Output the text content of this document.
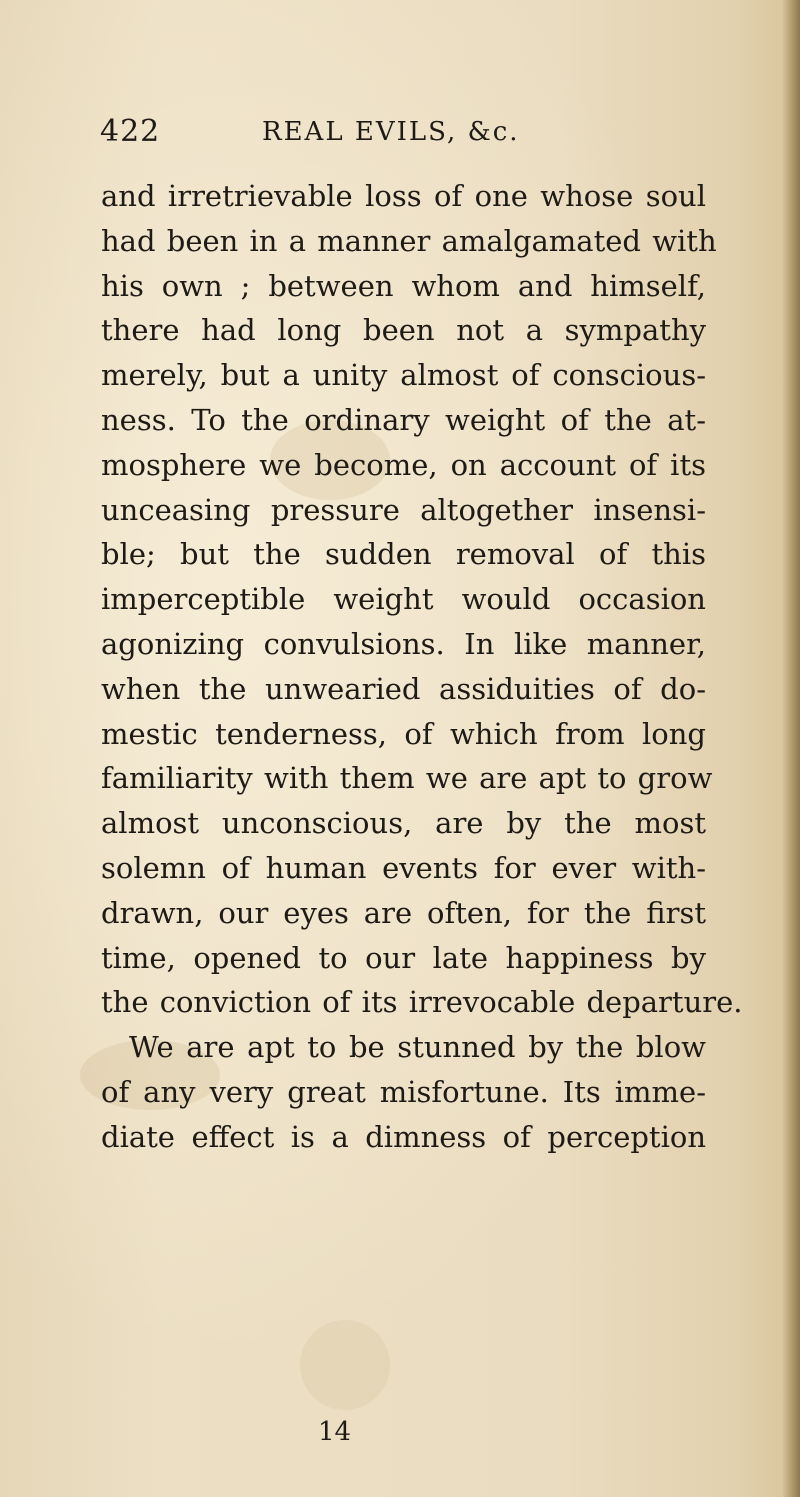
422	REAL EVILS, &c.
and irretrievable loss of one whose soul
had been in a manner amalgamated with
his own ; between whom and himself,
there had long been not a sympathy
merely, but a unity almost of conscious-
ness. To the ordinary weight of the at-
mosphere we become, on account of its
unceasing pressure altogether insensi-
ble; but the sudden removal of this
imperceptible weight would occasion
agonizing convulsions. In like manner,
when the unwearied assiduities of do-
mestic tenderness, of which from long
familiarity with them we are apt to grow
almost unconscious, are by the most
solemn of human events for ever with-
drawn, our eyes are often, for the first
time, opened to our late happiness by
the conviction of its irrevocable departure.
We are apt to be stunned by the blow
of any very great misfortune. Its imme-
diate effect is a dimness of perception
14
